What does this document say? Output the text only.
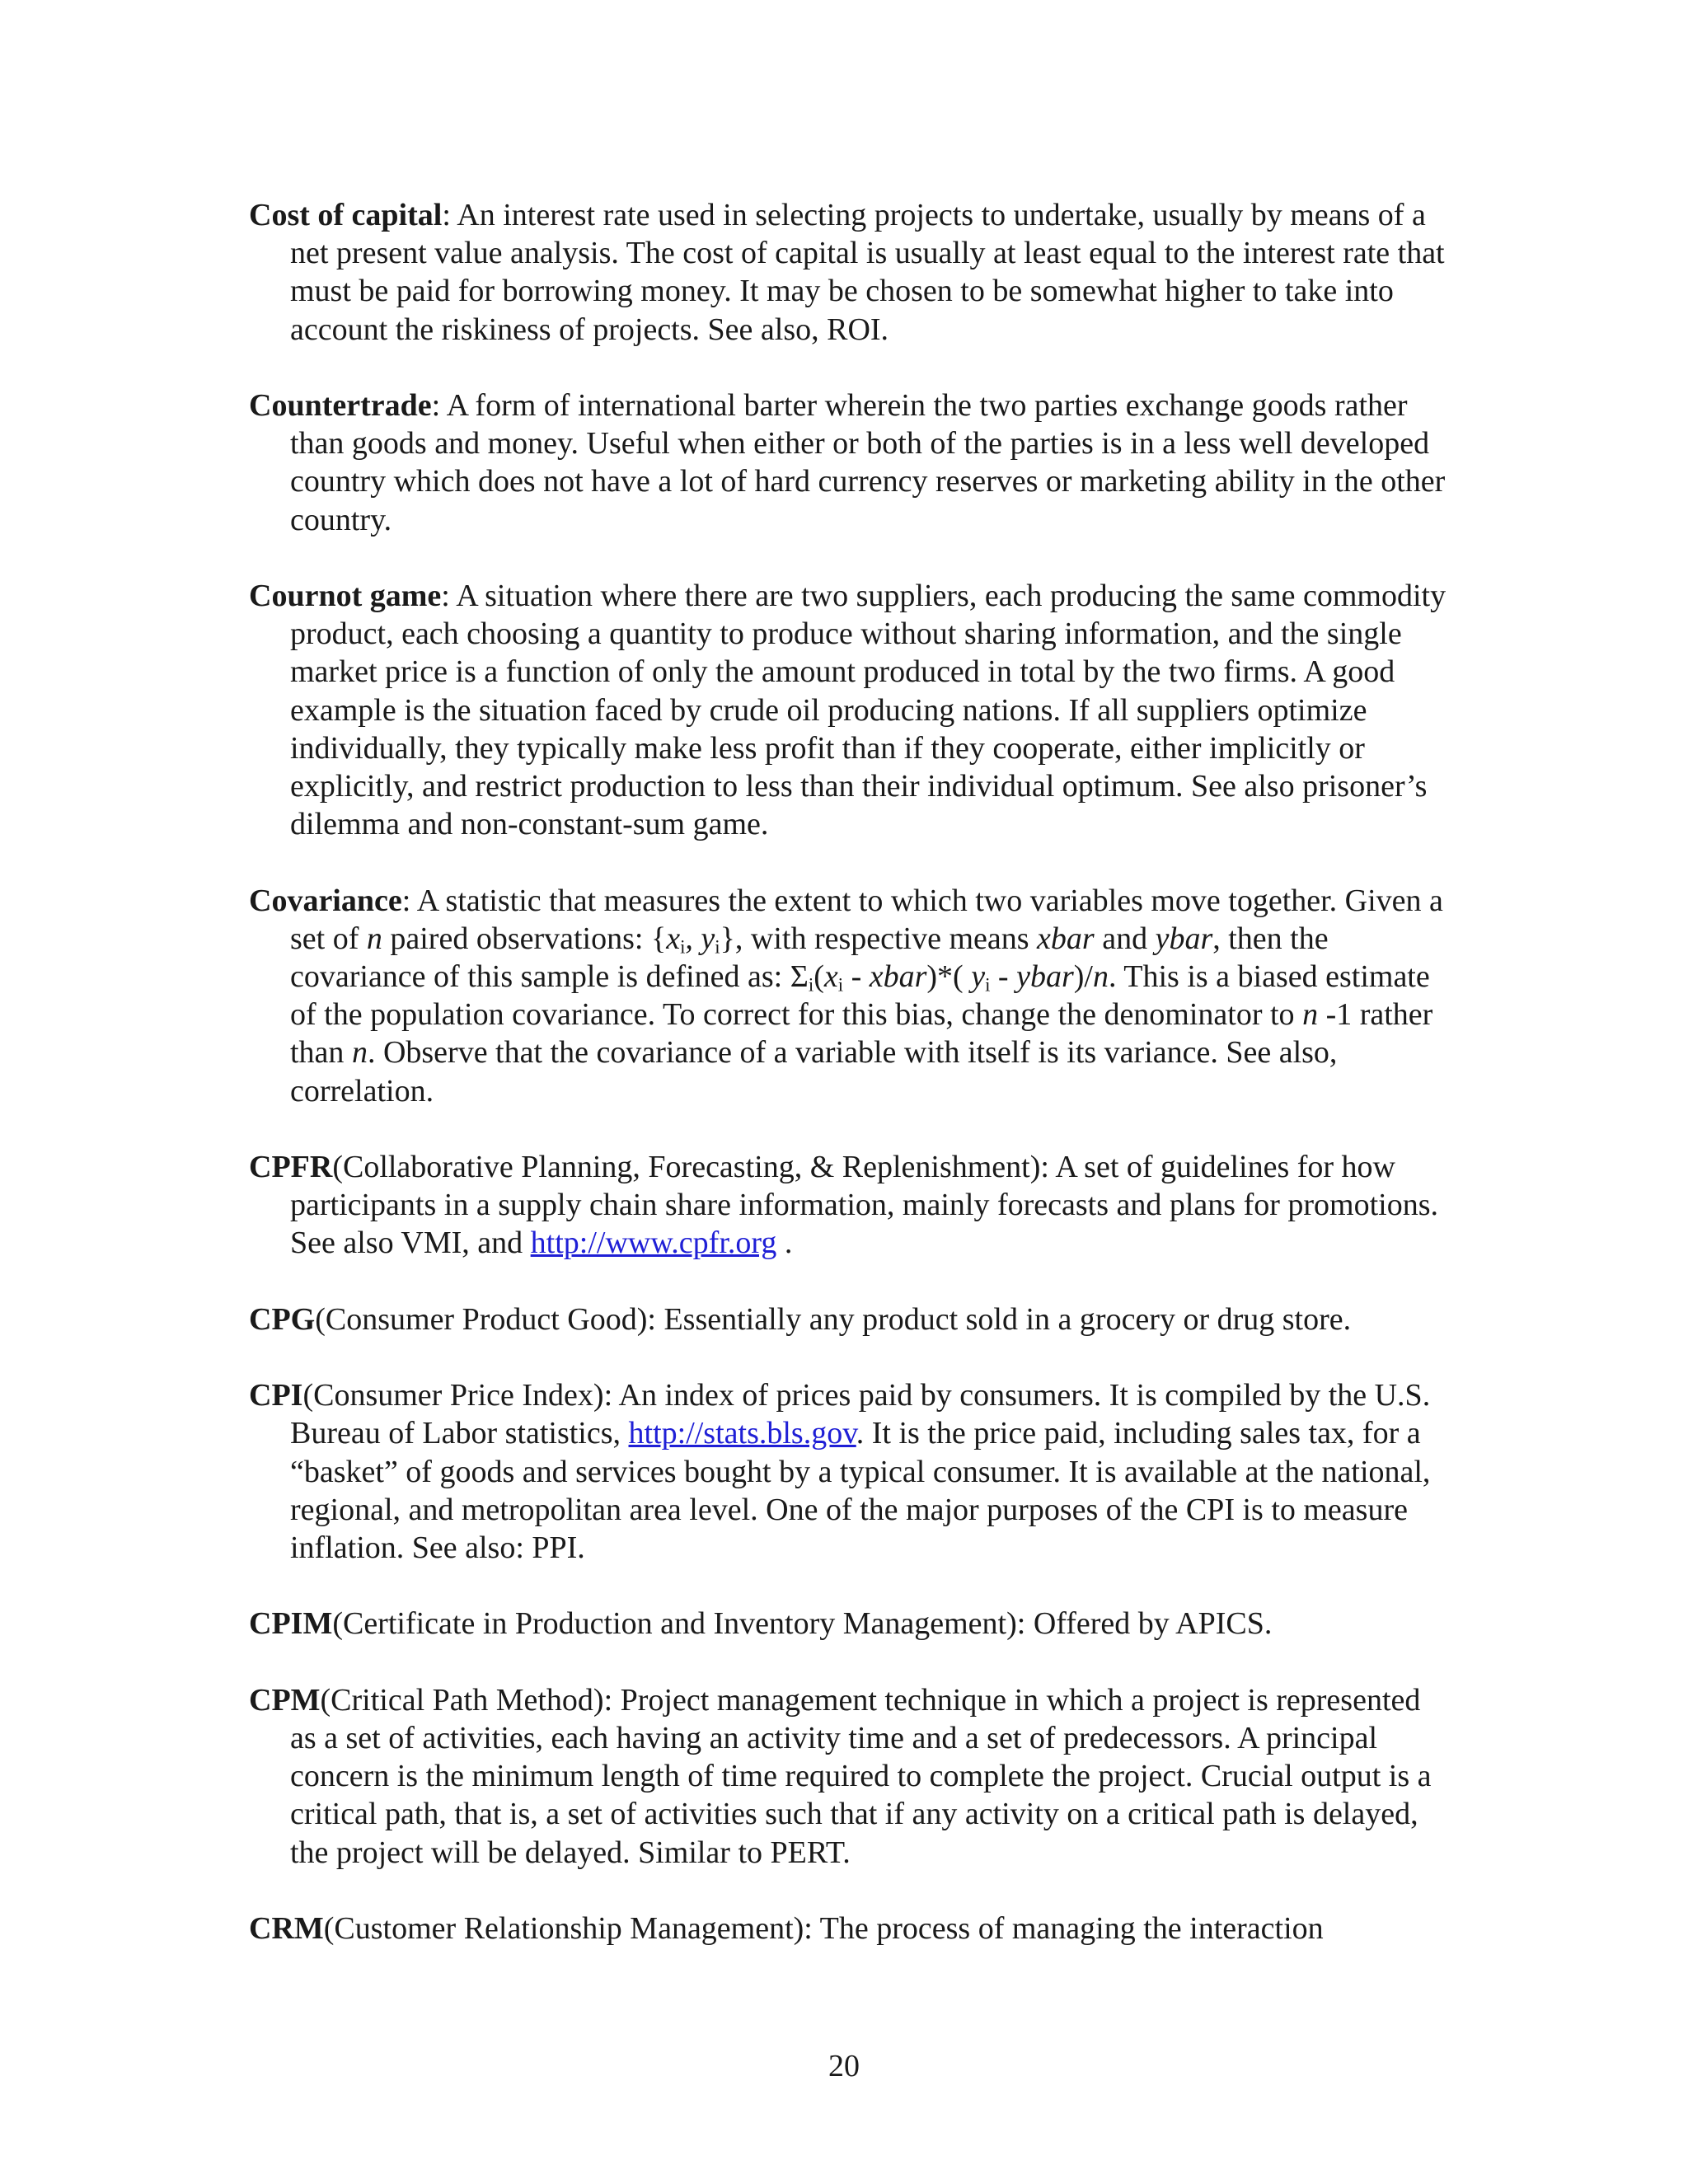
Cost of capital: An interest rate used in selecting projects to undertake, usually by means of a net present value analysis. The cost of capital is usually at least equal to the interest rate that must be paid for borrowing money. It may be chosen to be somewhat higher to take into account the riskiness of projects. See also, ROI.

Countertrade: A form of international barter wherein the two parties exchange goods rather than goods and money. Useful when either or both of the parties is in a less well developed country which does not have a lot of hard currency reserves or marketing ability in the other country.

Cournot game: A situation where there are two suppliers, each producing the same commodity product, each choosing a quantity to produce without sharing information, and the single market price is a function of only the amount produced in total by the two firms. A good example is the situation faced by crude oil producing nations. If all suppliers optimize individually, they typically make less profit than if they cooperate, either implicitly or explicitly, and restrict production to less than their individual optimum. See also prisoner’s dilemma and non-constant-sum game.

Covariance: A statistic that measures the extent to which two variables move together. Given a set of n paired observations: {$x_i$, $y_i$}, with respective means xbar and ybar, then the covariance of this sample is defined as: $\Sigma_i(x_i$ - xbar)*( $y_i$ - ybar)/n. This is a biased estimate of the population covariance. To correct for this bias, change the denominator to n -1 rather than n. Observe that the covariance of a variable with itself is its variance. See also, correlation.

CPFR(Collaborative Planning, Forecasting, & Replenishment): A set of guidelines for how participants in a supply chain share information, mainly forecasts and plans for promotions. See also VMI, and http://www.cpfr.org .

CPG(Consumer Product Good): Essentially any product sold in a grocery or drug store.

CPI(Consumer Price Index): An index of prices paid by consumers. It is compiled by the U.S. Bureau of Labor statistics, http://stats.bls.gov. It is the price paid, including sales tax, for a “basket” of goods and services bought by a typical consumer. It is available at the national, regional, and metropolitan area level. One of the major purposes of the CPI is to measure inflation. See also: PPI.

CPIM(Certificate in Production and Inventory Management): Offered by APICS.

CPM(Critical Path Method): Project management technique in which a project is represented as a set of activities, each having an activity time and a set of predecessors. A principal concern is the minimum length of time required to complete the project. Crucial output is a critical path, that is, a set of activities such that if any activity on a critical path is delayed, the project will be delayed. Similar to PERT.

CRM(Customer Relationship Management): The process of managing the interaction

20
